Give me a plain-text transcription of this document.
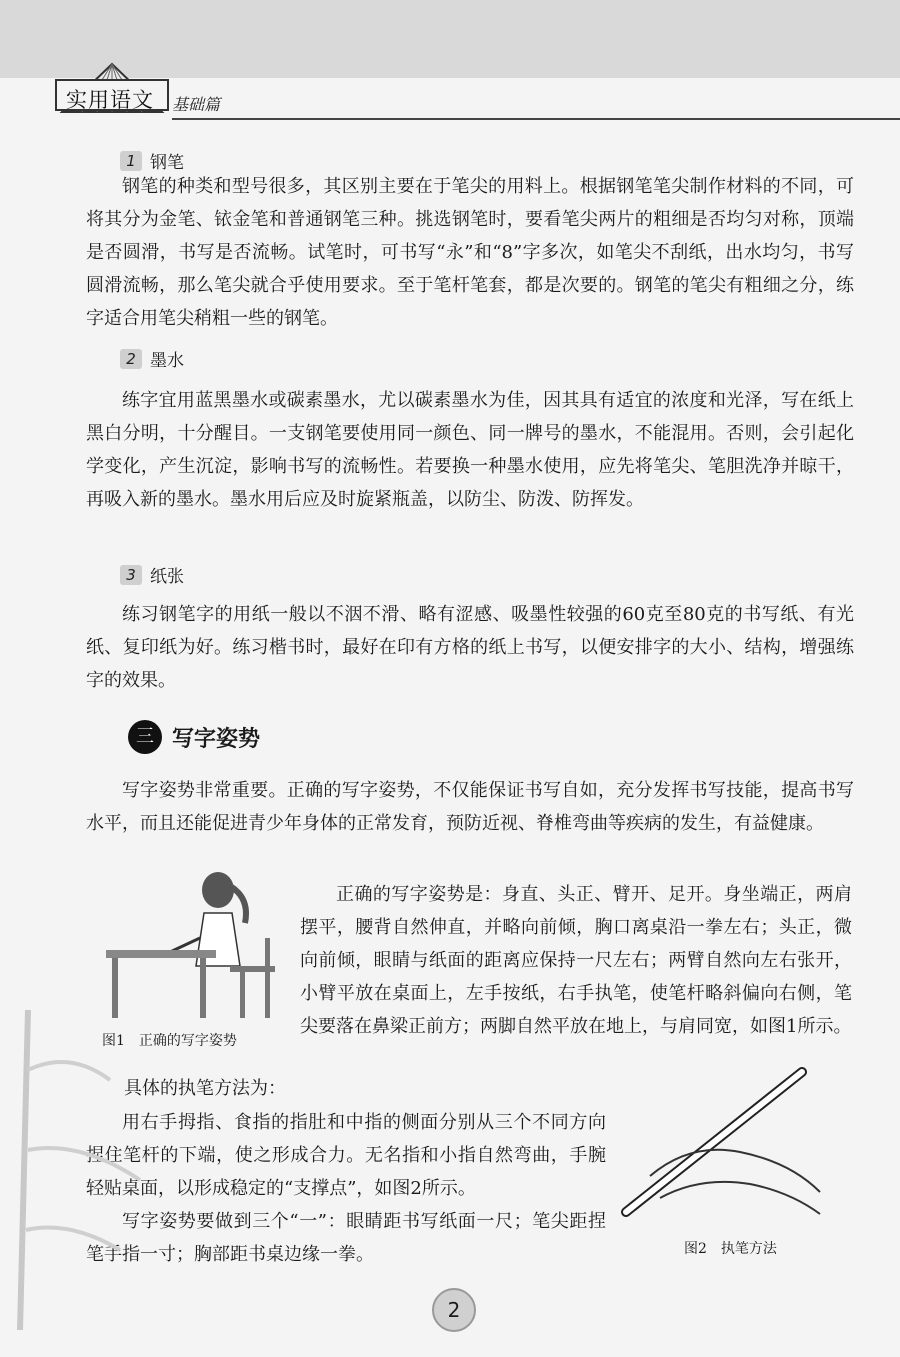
实用语文 基础篇
1 钢笔
钢笔的种类和型号很多，其区别主要在于笔尖的用料上。根据钢笔笔尖制作材料的不同，可将其分为金笔、铱金笔和普通钢笔三种。挑选钢笔时，要看笔尖两片的粗细是否均匀对称，顶端是否圆滑，书写是否流畅。试笔时，可书写“永”和“8”字多次，如笔尖不刮纸，出水均匀，书写圆滑流畅，那么笔尖就合乎使用要求。至于笔杆笔套，都是次要的。钢笔的笔尖有粗细之分，练字适合用笔尖稍粗一些的钢笔。
2 墨水
练字宜用蓝黑墨水或碳素墨水，尤以碳素墨水为佳，因其具有适宜的浓度和光泽，写在纸上黑白分明，十分醒目。一支钢笔要使用同一颜色、同一牌号的墨水，不能混用。否则，会引起化学变化，产生沉淀，影响书写的流畅性。若要换一种墨水使用，应先将笔尖、笔胆洗净并晾干，再吸入新的墨水。墨水用后应及时旋紧瓶盖，以防尘、防泼、防挥发。
3 纸张
练习钢笔字的用纸一般以不洇不滑、略有涩感、吸墨性较强的60克至80克的书写纸、有光纸、复印纸为好。练习楷书时，最好在印有方格的纸上书写，以便安排字的大小、结构，增强练字的效果。
三 写字姿势
写字姿势非常重要。正确的写字姿势，不仅能保证书写自如，充分发挥书写技能，提高书写水平，而且还能促进青少年身体的正常发育，预防近视、脊椎弯曲等疾病的发生，有益健康。
图1　正确的写字姿势
正确的写字姿势是：身直、头正、臂开、足开。身坐端正，两肩摆平，腰背自然伸直，并略向前倾，胸口离桌沿一拳左右；头正，微向前倾，眼睛与纸面的距离应保持一尺左右；两臂自然向左右张开，小臂平放在桌面上，左手按纸，右手执笔，使笔杆略斜偏向右侧，笔尖要落在鼻梁正前方；两脚自然平放在地上，与肩同宽，如图1所示。
具体的执笔方法为：
用右手拇指、食指的指肚和中指的侧面分别从三个不同方向捏住笔杆的下端，使之形成合力。无名指和小指自然弯曲，手腕轻贴桌面，以形成稳定的“支撑点”，如图2所示。
写字姿势要做到三个“一”：眼睛距书写纸面一尺；笔尖距捏笔手指一寸；胸部距书桌边缘一拳。	图2　执笔方法
2
